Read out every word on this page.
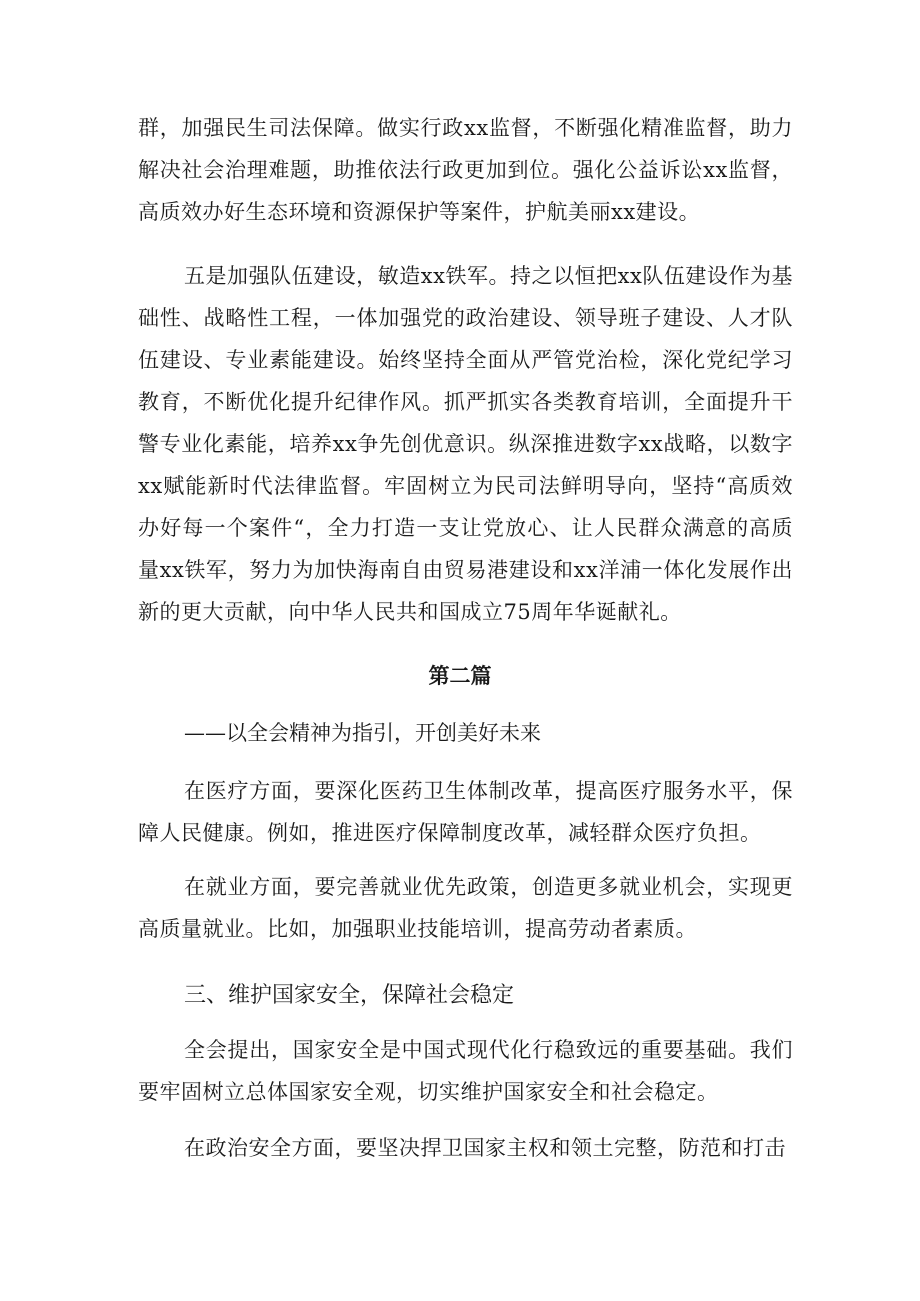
群，加强民生司法保障。做实行政xx监督，不断强化精准监督，助力解决社会治理难题，助推依法行政更加到位。强化公益诉讼xx监督，高质效办好生态环境和资源保护等案件，护航美丽xx建设。

五是加强队伍建设，敏造xx铁军。持之以恒把xx队伍建设作为基础性、战略性工程，一体加强党的政治建设、领导班子建设、人才队伍建设、专业素能建设。始终坚持全面从严管党治检，深化党纪学习教育，不断优化提升纪律作风。抓严抓实各类教育培训，全面提升干警专业化素能，培养xx争先创优意识。纵深推进数字xx战略，以数字xx赋能新时代法律监督。牢固树立为民司法鲜明导向，坚持“高质效办好每一个案件“，全力打造一支让党放心、让人民群众满意的高质量xx铁军，努力为加快海南自由贸易港建设和xx洋浦一体化发展作出新的更大贡献，向中华人民共和国成立75周年华诞献礼。

第二篇

——以全会精神为指引，开创美好未来

在医疗方面，要深化医药卫生体制改革，提高医疗服务水平，保障人民健康。例如，推进医疗保障制度改革，减轻群众医疗负担。

在就业方面，要完善就业优先政策，创造更多就业机会，实现更高质量就业。比如，加强职业技能培训，提高劳动者素质。

三、维护国家安全，保障社会稳定

全会提出，国家安全是中国式现代化行稳致远的重要基础。我们要牢固树立总体国家安全观，切实维护国家安全和社会稳定。

在政治安全方面，要坚决捍卫国家主权和领土完整，防范和打击
